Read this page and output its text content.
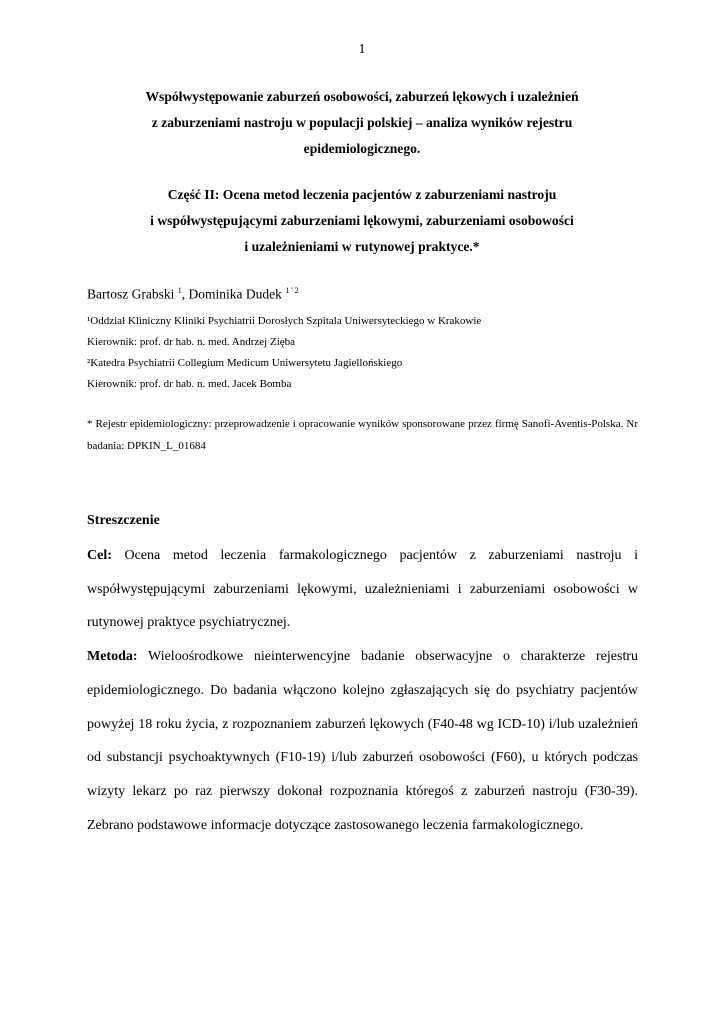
1
Współwystępowanie zaburzeń osobowości, zaburzeń lękowych i uzależnień
z zaburzeniami nastroju w populacji polskiej – analiza wyników rejestru
epidemiologicznego.
Część II: Ocena metod leczenia pacjentów z zaburzeniami nastroju
i współwystępującymi zaburzeniami lękowymi, zaburzeniami osobowości
i uzależnieniami w rutynowej praktyce.*
Bartosz Grabski $^1$, Dominika Dudek $^{1 ' 2}$
¹Oddział Kliniczny Kliniki Psychiatrii Dorosłych Szpitala Uniwersyteckiego w Krakowie
Kierownik: prof. dr hab. n. med. Andrzej Zięba
²Katedra Psychiatrii Collegium Medicum Uniwersytetu Jagiellońskiego
Kierownik: prof. dr hab. n. med. Jacek Bomba
* Rejestr epidemiologiczny: przeprowadzenie i opracowanie wyników sponsorowane przez firmę Sanofi-Aventis-Polska. Nr badania: DPKIN_L_01684
Streszczenie

Cel: Ocena metod leczenia farmakologicznego pacjentów z zaburzeniami nastroju i współwystępującymi zaburzeniami lękowymi, uzależnieniami i zaburzeniami osobowości w rutynowej praktyce psychiatrycznej.

Metoda: Wieloośrodkowe nieinterwencyjne badanie obserwacyjne o charakterze rejestru epidemiologicznego. Do badania włączono kolejno zgłaszających się do psychiatry pacjentów powyżej 18 roku życia, z rozpoznaniem zaburzeń lękowych (F40-48 wg ICD-10) i/lub uzależnień od substancji psychoaktywnych (F10-19) i/lub zaburzeń osobowości (F60), u których podczas wizyty lekarz po raz pierwszy dokonał rozpoznania któregoś z zaburzeń nastroju (F30-39). Zebrano podstawowe informacje dotyczące zastosowanego leczenia farmakologicznego.
